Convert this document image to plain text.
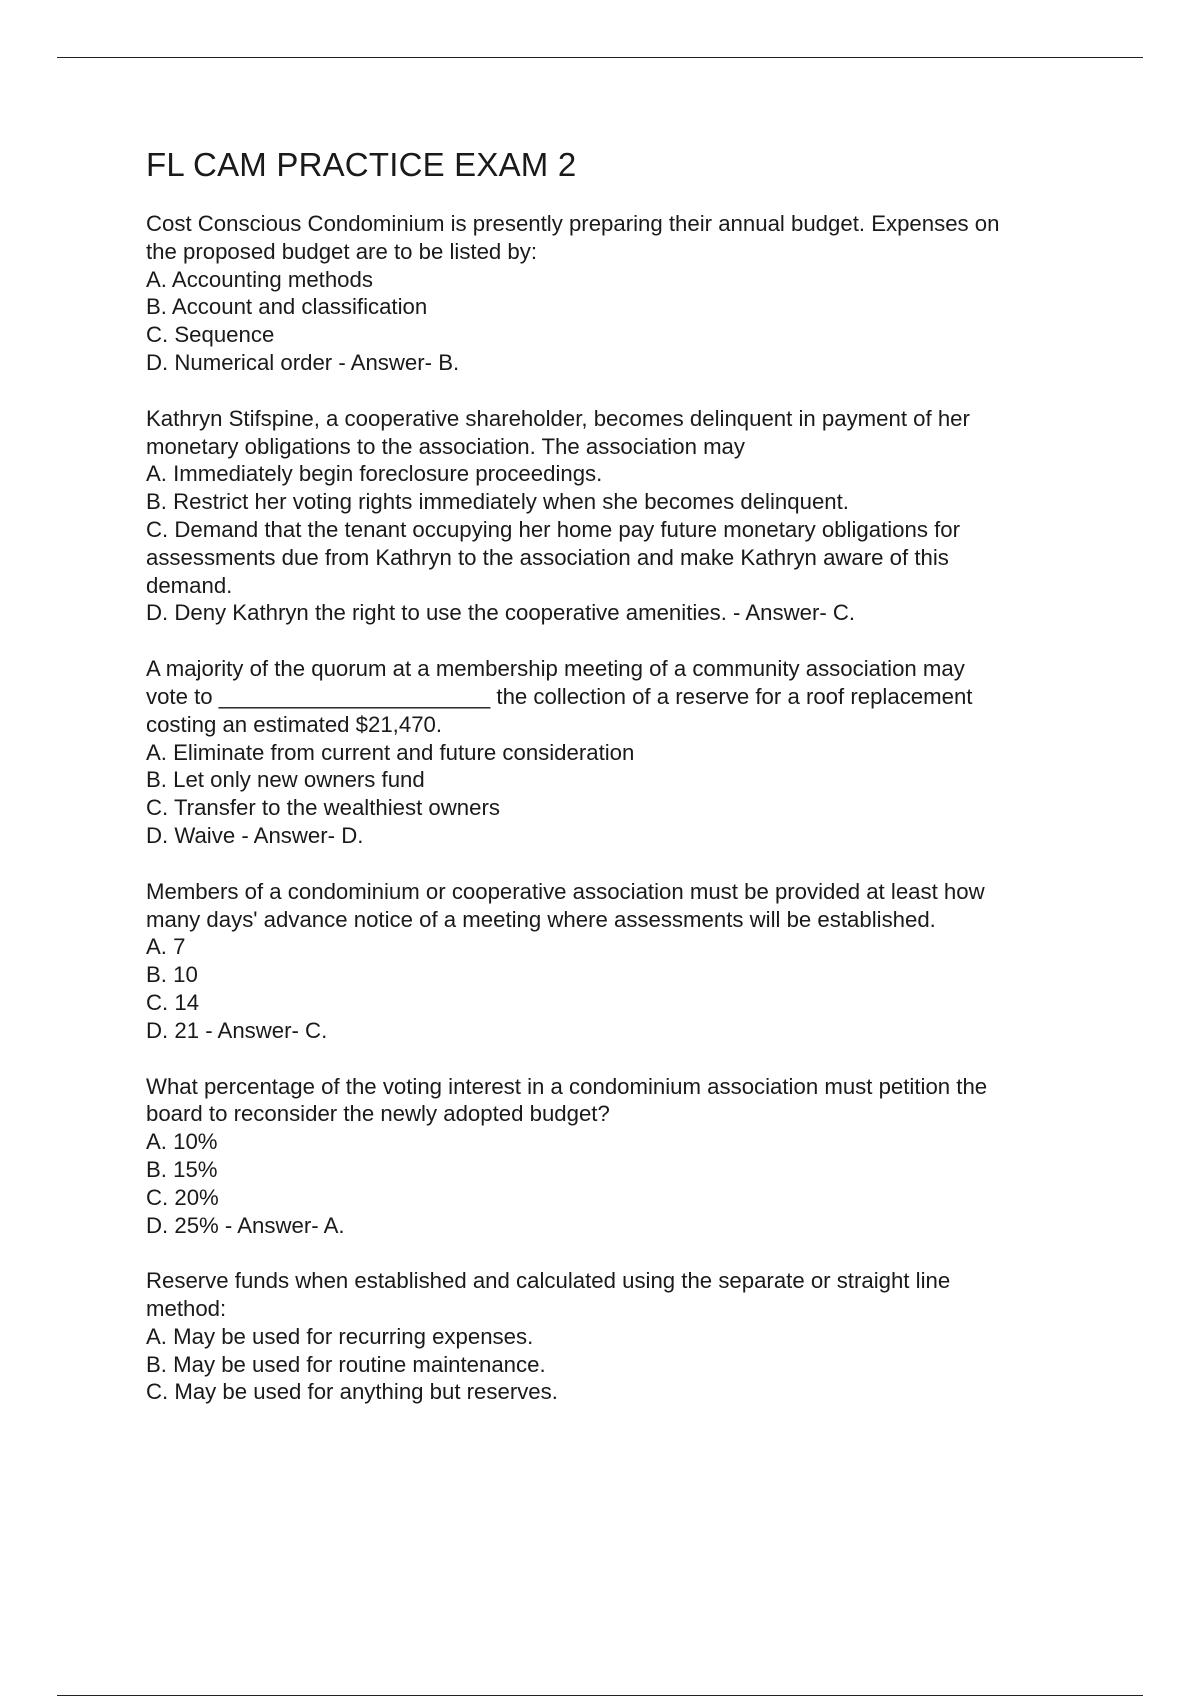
FL CAM PRACTICE EXAM 2

Cost Conscious Condominium is presently preparing their annual budget. Expenses on

the proposed budget are to be listed by:

A. Accounting methods

B. Account and classification

C. Sequence

D. Numerical order - Answer- B.

Kathryn Stifspine, a cooperative shareholder, becomes delinquent in payment of her

monetary obligations to the association. The association may

A. Immediately begin foreclosure proceedings.

B. Restrict her voting rights immediately when she becomes delinquent.

C. Demand that the tenant occupying her home pay future monetary obligations for

assessments due from Kathryn to the association and make Kathryn aware of this

demand.

D. Deny Kathryn the right to use the cooperative amenities. - Answer- C.

A majority of the quorum at a membership meeting of a community association may

vote to ______________________ the collection of a reserve for a roof replacement

costing an estimated $21,470.

A. Eliminate from current and future consideration

B. Let only new owners fund

C. Transfer to the wealthiest owners

D. Waive - Answer- D.

Members of a condominium or cooperative association must be provided at least how

many days' advance notice of a meeting where assessments will be established.

A. 7

B. 10

C. 14

D. 21 - Answer- C.

What percentage of the voting interest in a condominium association must petition the

board to reconsider the newly adopted budget?

A. 10%

B. 15%

C. 20%

D. 25% - Answer- A.

Reserve funds when established and calculated using the separate or straight line

method:

A. May be used for recurring expenses.

B. May be used for routine maintenance.

C. May be used for anything but reserves.
